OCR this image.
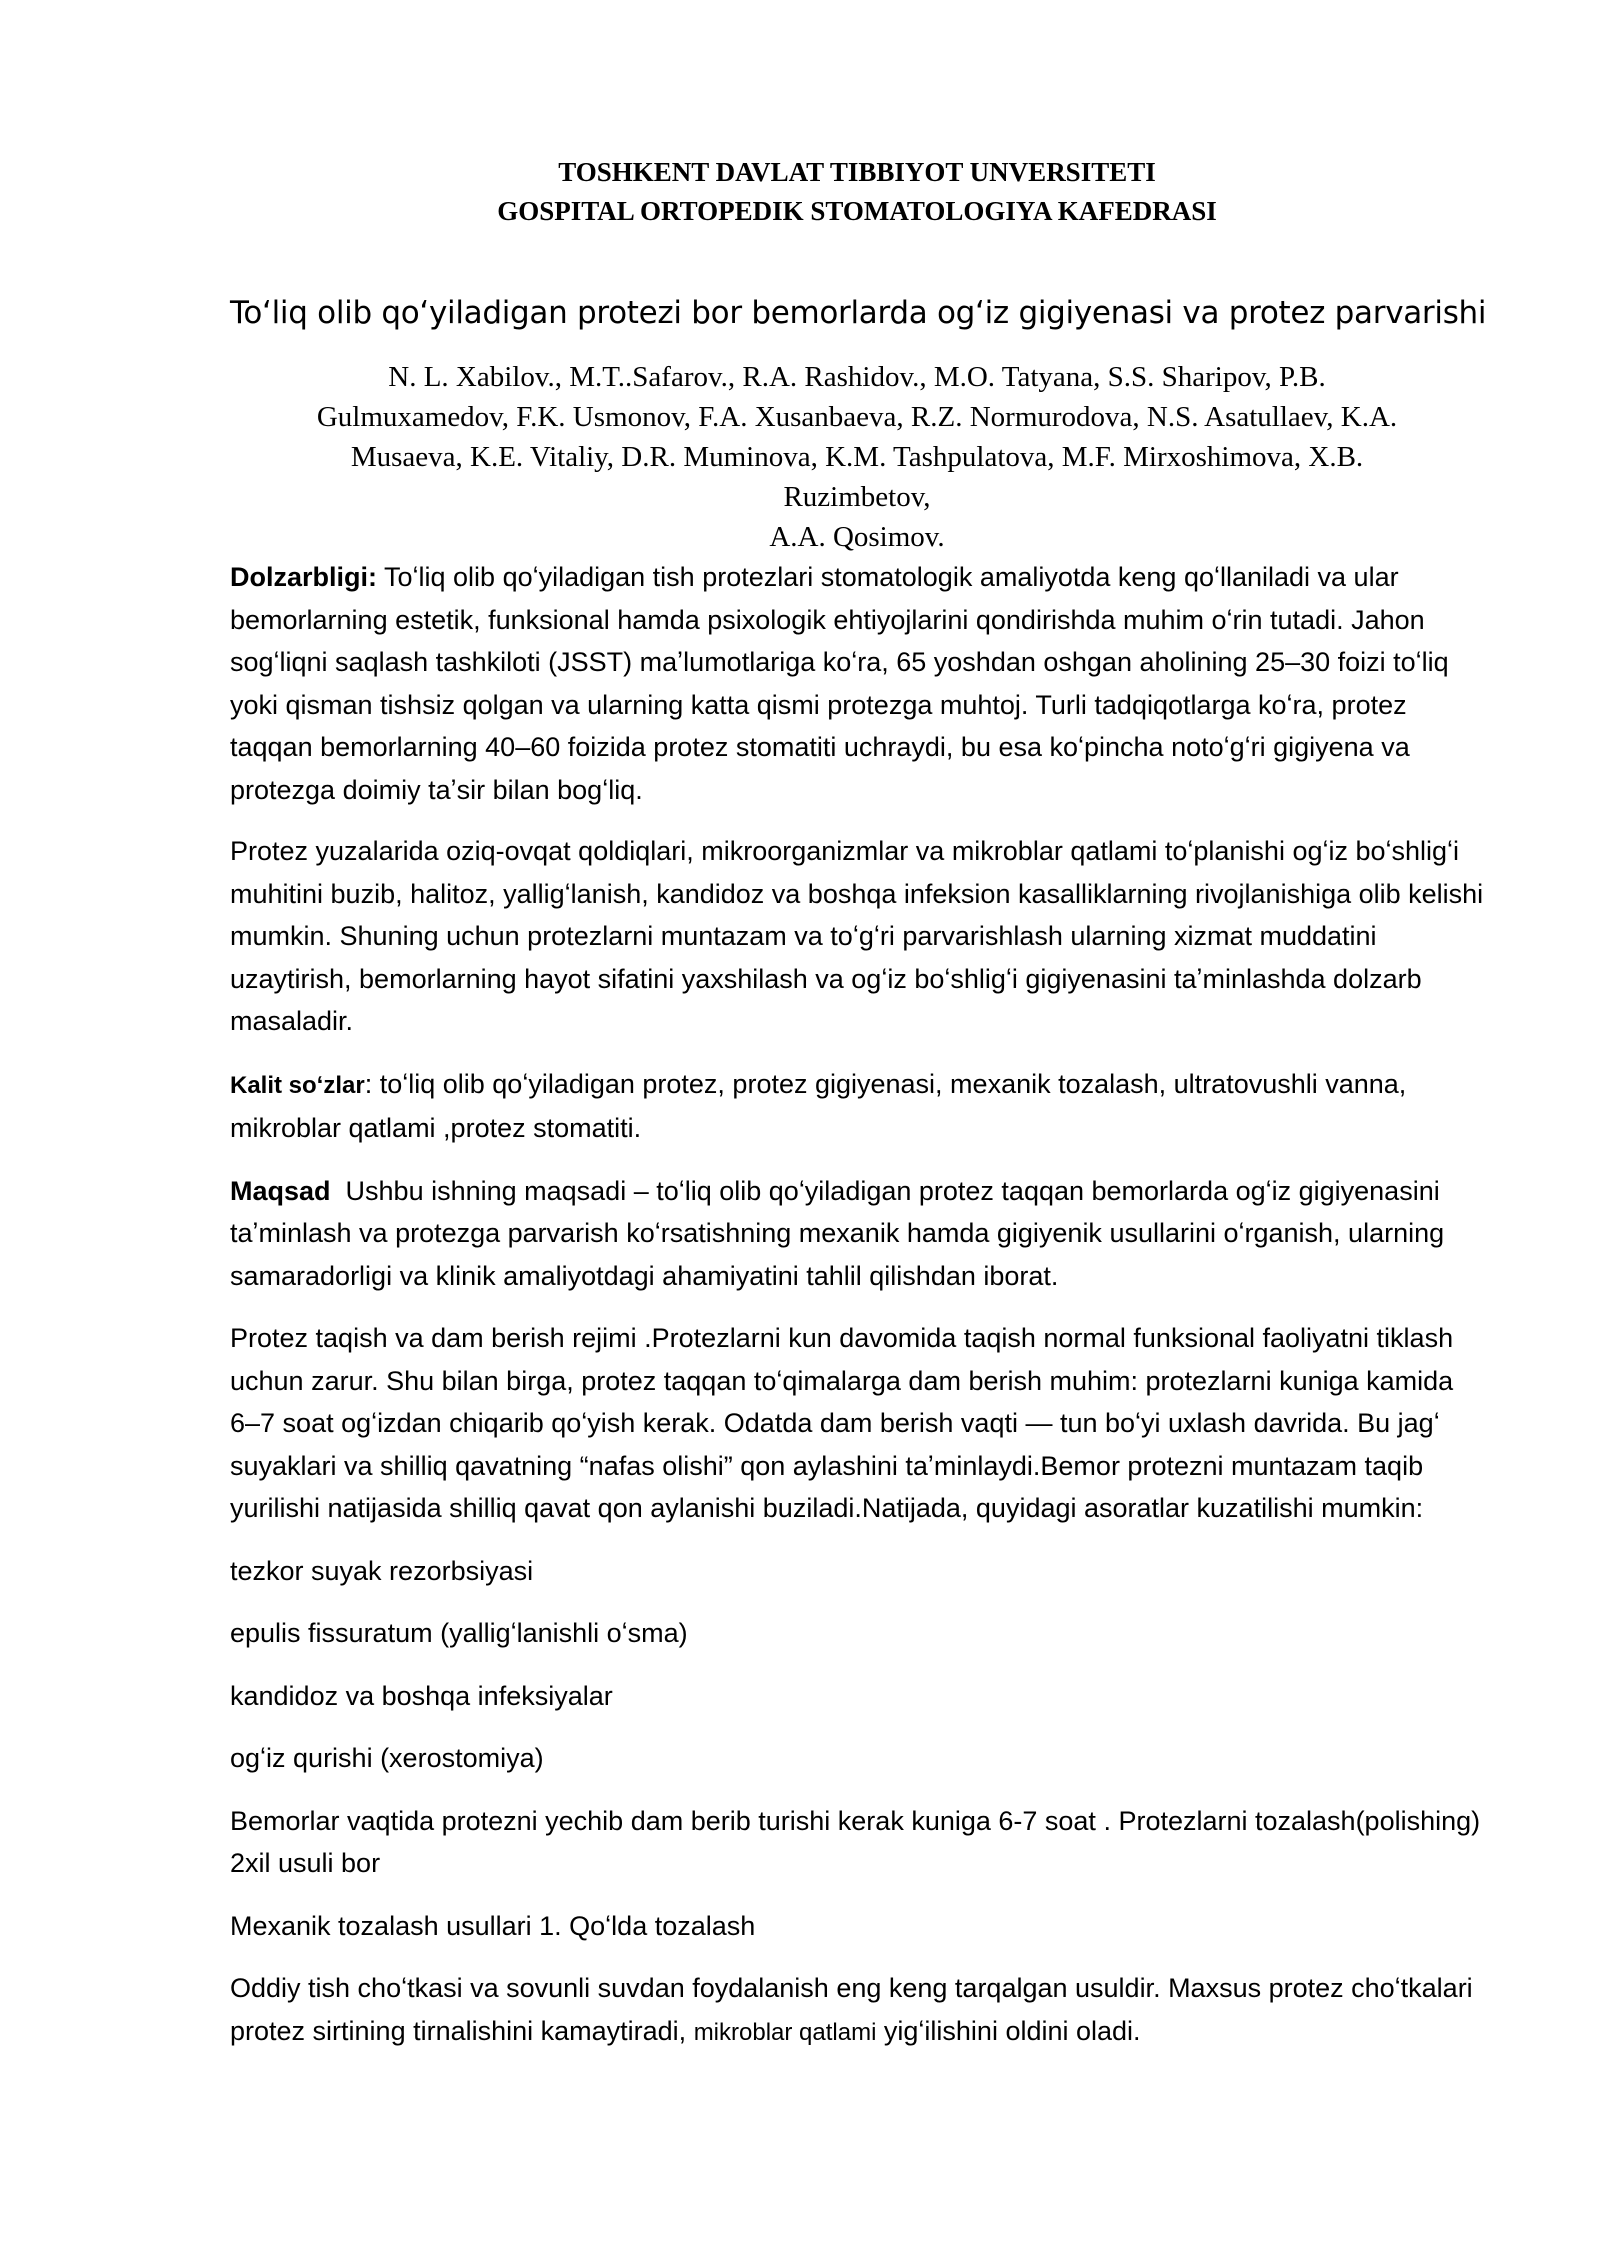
TOSHKENT DAVLAT TIBBIYOT UNVERSITETI
GOSPITAL ORTOPEDIK STOMATOLOGIYA KAFEDRASI
Toʻliq olib qoʻyiladigan protezi bor bemorlarda ogʻiz gigiyenasi va protez parvarishi
N. L. Xabilov., M.T..Safarov., R.A. Rashidov., M.O. Tatyana, S.S. Sharipov, P.B.
Gulmuxamedov, F.K. Usmonov, F.A. Xusanbaeva, R.Z. Normurodova, N.S. Asatullaev, K.A.
Musaeva, K.E. Vitaliy, D.R. Muminova, K.M. Tashpulatova, M.F. Mirxoshimova, X.B.
Ruzimbetov,
A.A. Qosimov.

Dolzarbligi: Toʻliq olib qoʻyiladigan tish protezlari stomatologik amaliyotda keng qoʻllaniladi va ular bemorlarning estetik, funksional hamda psixologik ehtiyojlarini qondirishda muhim oʻrin tutadi. Jahon sogʻliqni saqlash tashkiloti (JSST) maʼlumotlariga koʻra, 65 yoshdan oshgan aholining 25–30 foizi toʻliq yoki qisman tishsiz qolgan va ularning katta qismi protezga muhtoj. Turli tadqiqotlarga koʻra, protez taqqan bemorlarning 40–60 foizida protez stomatiti uchraydi, bu esa koʻpincha notoʻgʻri gigiyena va protezga doimiy taʼsir bilan bogʻliq.

Protez yuzalarida oziq-ovqat qoldiqlari, mikroorganizmlar va mikroblar qatlami toʻplanishi ogʻiz boʻshligʻi muhitini buzib, halitoz, yalligʻlanish, kandidoz va boshqa infeksion kasalliklarning rivojlanishiga olib kelishi mumkin. Shuning uchun protezlarni muntazam va toʻgʻri parvarishlash ularning xizmat muddatini uzaytirish, bemorlarning hayot sifatini yaxshilash va ogʻiz boʻshligʻi gigiyenasini taʼminlashda dolzarb masaladir.

Kalit soʻzlar: toʻliq olib qoʻyiladigan protez, protez gigiyenasi, mexanik tozalash, ultratovushli vanna, mikroblar qatlami ,protez stomatiti.

Maqsad  Ushbu ishning maqsadi – toʻliq olib qoʻyiladigan protez taqqan bemorlarda ogʻiz gigiyenasini taʼminlash va protezga parvarish koʻrsatishning mexanik hamda gigiyenik usullarini oʻrganish, ularning samaradorligi va klinik amaliyotdagi ahamiyatini tahlil qilishdan iborat.

Protez taqish va dam berish rejimi .Protezlarni kun davomida taqish normal funksional faoliyatni tiklash uchun zarur. Shu bilan birga, protez taqqan toʻqimalarga dam berish muhim: protezlarni kuniga kamida 6–7 soat ogʻizdan chiqarib qoʻyish kerak. Odatda dam berish vaqti — tun boʻyi uxlash davrida. Bu jagʻ suyaklari va shilliq qavatning “nafas olishi” qon aylashini taʼminlaydi.Bemor protezni muntazam taqib yurilishi natijasida shilliq qavat qon aylanishi buziladi.Natijada, quyidagi asoratlar kuzatilishi mumkin:

tezkor suyak rezorbsiyasi

epulis fissuratum (yalligʻlanishli oʻsma)

kandidoz va boshqa infeksiyalar

ogʻiz qurishi (xerostomiya)

Bemorlar vaqtida protezni yechib dam berib turishi kerak kuniga 6-7 soat . Protezlarni tozalash(polishing) 2xil usuli bor

Mexanik tozalash usullari 1. Qoʻlda tozalash

Oddiy tish choʻtkasi va sovunli suvdan foydalanish eng keng tarqalgan usuldir. Maxsus protez choʻtkalari protez sirtining tirnalishini kamaytiradi, mikroblar qatlami yigʻilishini oldini oladi.
